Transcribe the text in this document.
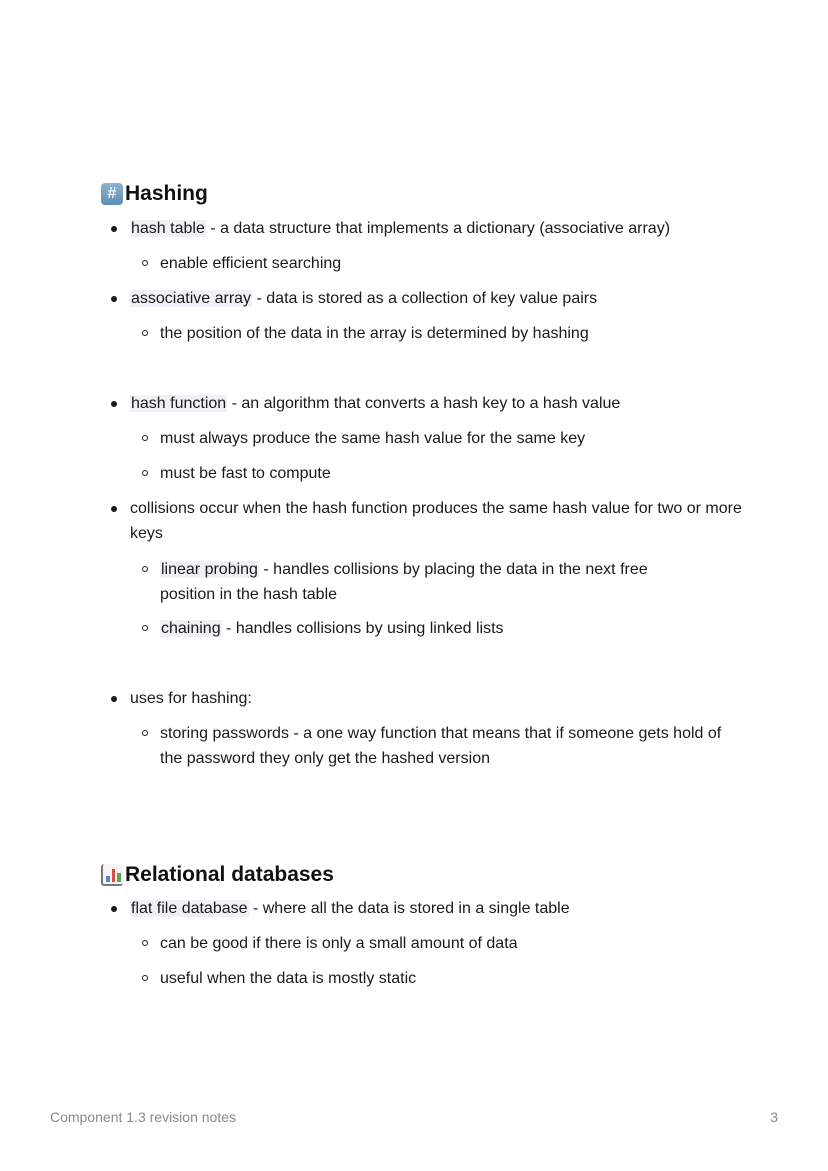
# Hashing

hash table - a data structure that implements a dictionary (associative array)

enable efficient searching

associative array - data is stored as a collection of key value pairs

the position of the data in the array is determined by hashing

hash function - an algorithm that converts a hash key to a hash value

must always produce the same hash value for the same key

must be fast to compute

collisions occur when the hash function produces the same hash value for two or more keys

linear probing - handles collisions by placing the data in the next free position in the hash table

chaining - handles collisions by using linked lists

uses for hashing:

storing passwords - a one way function that means that if someone gets hold of the password they only get the hashed version

Relational databases

flat file database - where all the data is stored in a single table

can be good if there is only a small amount of data

useful when the data is mostly static

Component 1.3 revision notes	3
